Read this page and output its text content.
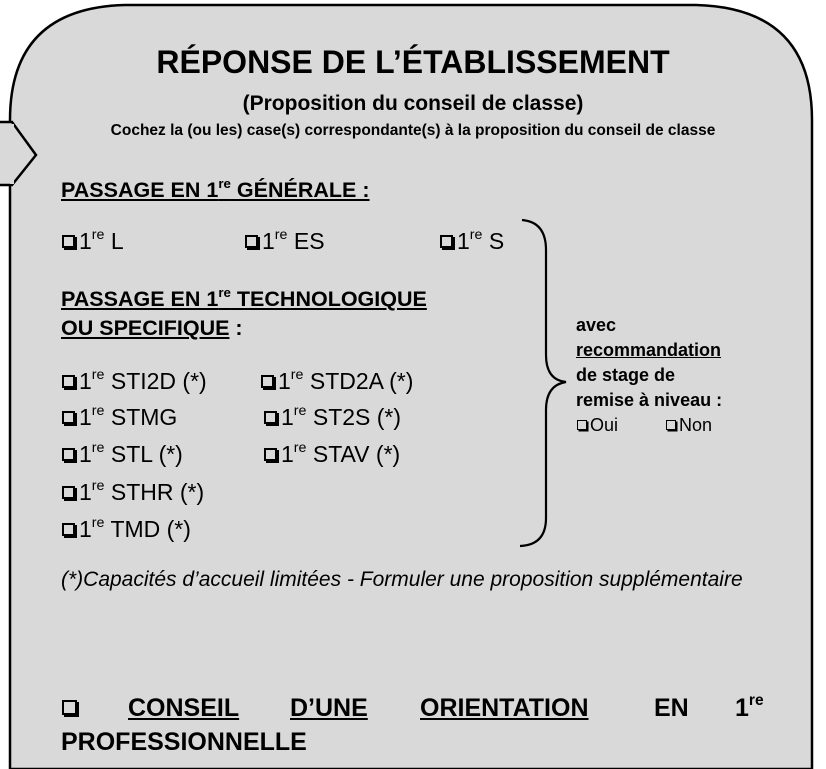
RÉPONSE DE L’ÉTABLISSEMENT
(Proposition du conseil de classe)
Cochez la (ou les) case(s) correspondante(s) à la proposition du conseil de classe
PASSAGE EN 1re GÉNÉRALE :
1re L	1re ES	1re S
PASSAGE EN 1re TECHNOLOGIQUE
OU SPECIFIQUE :
1re STI2D (*)	1re STD2A (*)
1re STMG	1re ST2S (*)
1re STL (*)	1re STAV (*)
1re STHR (*)
1re TMD (*)
avec
recommandation
de stage de
remise à niveau :
Oui	Non
(*)Capacités d’accueil limitées - Formuler une proposition supplémentaire
CONSEIL D’UNE ORIENTATION	EN 1re
PROFESSIONNELLE
